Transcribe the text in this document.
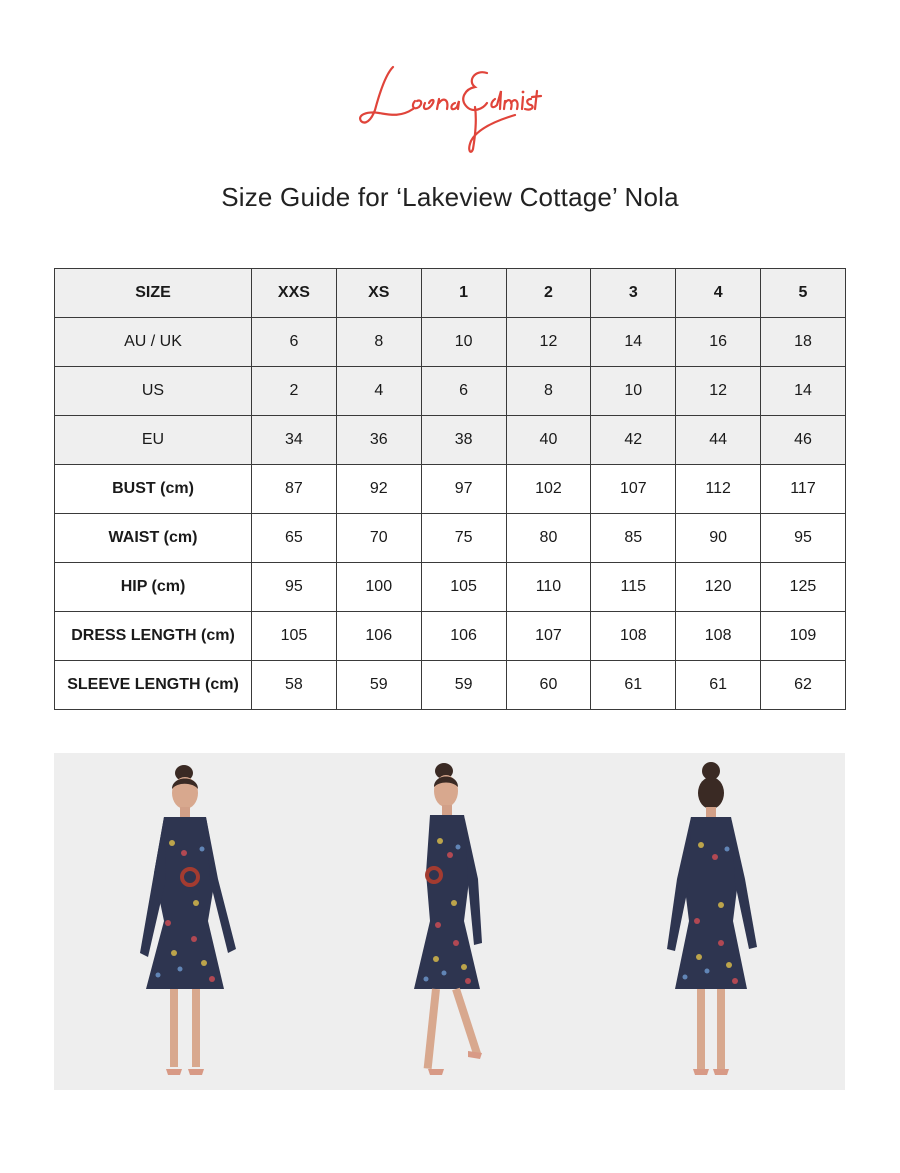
Size Guide for ‘Lakeview Cottage’ Nola
SIZE	XXS	XS	1	2	3	4	5
AU / UK	6	8	10	12	14	16	18
US	2	4	6	8	10	12	14
EU	34	36	38	40	42	44	46
BUST (cm)	87	92	97	102	107	112	117
WAIST (cm)	65	70	75	80	85	90	95
HIP (cm)	95	100	105	110	115	120	125
DRESS LENGTH (cm)	105	106	106	107	108	108	109
SLEEVE LENGTH (cm)	58	59	59	60	61	61	62
